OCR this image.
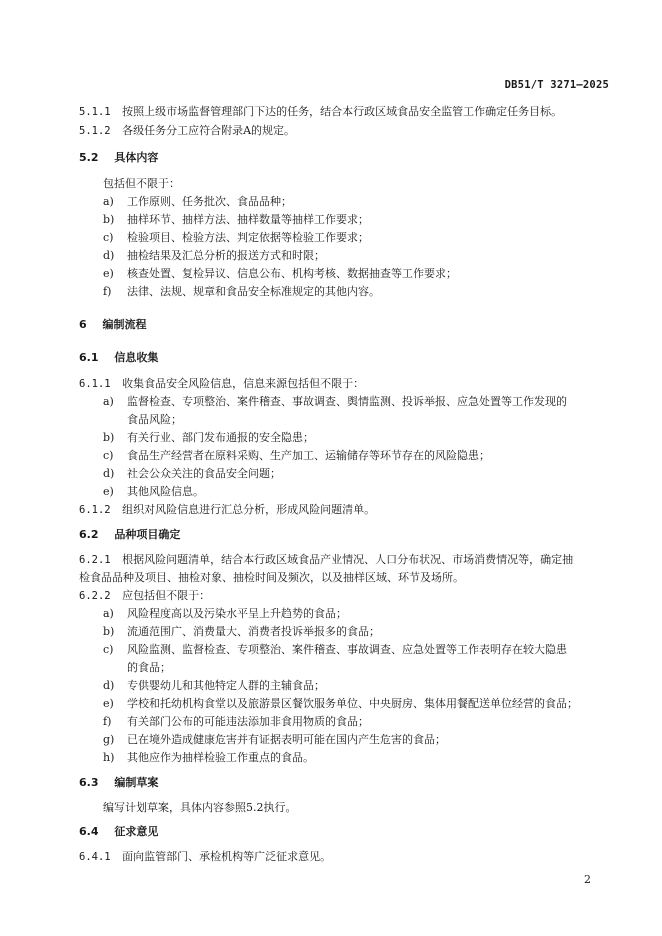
DB51/T 3271—2025
5.1.1 按照上级市场监督管理部门下达的任务，结合本行政区域食品安全监管工作确定任务目标。
5.1.2 各级任务分工应符合附录A的规定。
5.2 具体内容
包括但不限于：
a) 工作原则、任务批次、食品品种；
b) 抽样环节、抽样方法、抽样数量等抽样工作要求；
c) 检验项目、检验方法、判定依据等检验工作要求；
d) 抽检结果及汇总分析的报送方式和时限；
e) 核查处置、复检异议、信息公布、机构考核、数据抽查等工作要求；
f) 法律、法规、规章和食品安全标准规定的其他内容。
6 编制流程
6.1 信息收集
6.1.1 收集食品安全风险信息，信息来源包括但不限于：
a) 监督检查、专项整治、案件稽查、事故调查、舆情监测、投诉举报、应急处置等工作发现的
食品风险；
b) 有关行业、部门发布通报的安全隐患；
c) 食品生产经营者在原料采购、生产加工、运输储存等环节存在的风险隐患；
d) 社会公众关注的食品安全问题；
e) 其他风险信息。
6.1.2 组织对风险信息进行汇总分析，形成风险问题清单。
6.2 品种项目确定
6.2.1 根据风险问题清单，结合本行政区域食品产业情况、人口分布状况、市场消费情况等，确定抽
检食品品种及项目、抽检对象、抽检时间及频次，以及抽样区域、环节及场所。
6.2.2 应包括但不限于：
a) 风险程度高以及污染水平呈上升趋势的食品；
b) 流通范围广、消费量大、消费者投诉举报多的食品；
c) 风险监测、监督检查、专项整治、案件稽查、事故调查、应急处置等工作表明存在较大隐患
的食品；
d) 专供婴幼儿和其他特定人群的主辅食品；
e) 学校和托幼机构食堂以及旅游景区餐饮服务单位、中央厨房、集体用餐配送单位经营的食品；
f) 有关部门公布的可能违法添加非食用物质的食品；
g) 已在境外造成健康危害并有证据表明可能在国内产生危害的食品；
h) 其他应作为抽样检验工作重点的食品。
6.3 编制草案
编写计划草案，具体内容参照5.2执行。
6.4 征求意见
6.4.1 面向监管部门、承检机构等广泛征求意见。
2
